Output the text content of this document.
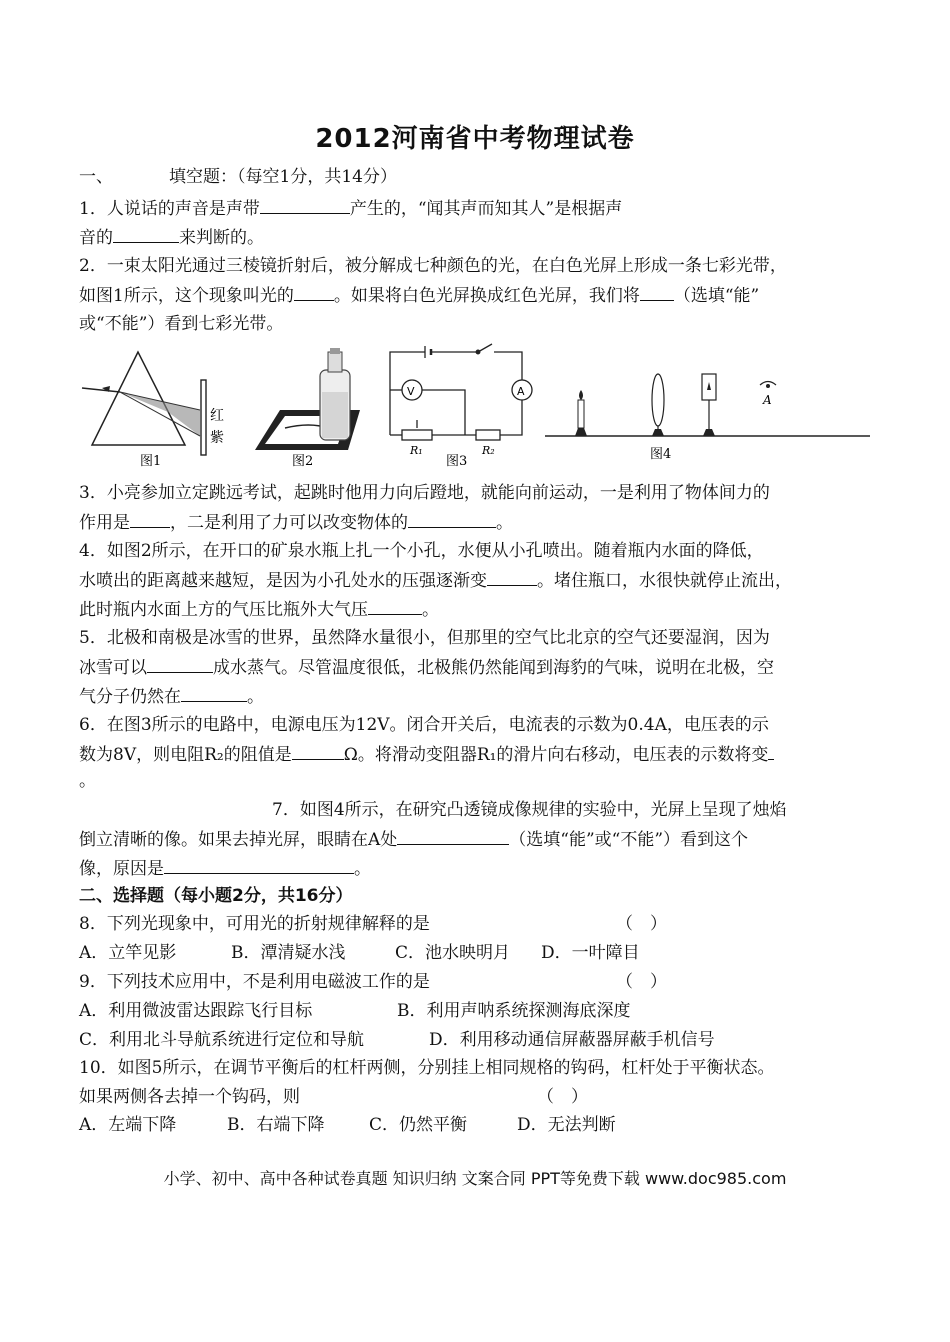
2012河南省中考物理试卷
一、	填空题：（每空1分，共14分）
1．人说话的声音是声带	产生的，“闻其声而知其人”是根据声
音的	来判断的。
2．一束太阳光通过三棱镜折射后，被分解成七种颜色的光，在白色光屏上形成一条七彩光带，
如图1所示，这个现象叫光的 。如果将白色光屏换成红色光屏，我们将 （选填“能”
或“不能”）看到七彩光带。
红
紫
图1	图2
V	A
R₁	R₂
图3
A
图4
3．小亮参加立定跳远考试，起跳时他用力向后蹬地，就能向前运动，一是利用了物体间力的
作用是 ，二是利用了力可以改变物体的	。
4．如图2所示，在开口的矿泉水瓶上扎一个小孔，水便从小孔喷出。随着瓶内水面的降低，
水喷出的距离越来越短，是因为小孔处水的压强逐渐变	。堵住瓶口，水很快就停止流出，
此时瓶内水面上方的气压比瓶外大气压	。
5．北极和南极是冰雪的世界，虽然降水量很小，但那里的空气比北京的空气还要湿润，因为
冰雪可以	成水蒸气。尽管温度很低，北极熊仍然能闻到海豹的气味，说明在北极，空
气分子仍然在	。
6．在图3所示的电路中，电源电压为12V。闭合开关后，电流表的示数为0.4A，电压表的示
数为8V，则电阻R₂的阻值是	Ω。将滑动变阻器R₁的滑片向右移动，电压表的示数将变
。
7．如图4所示，在研究凸透镜成像规律的实验中，光屏上呈现了烛焰
倒立清晰的像。如果去掉光屏，眼睛在A处	（选填“能”或“不能”）看到这个
像，原因是	。
二、选择题（每小题2分，共16分）
8．下列光现象中，可用光的折射规律解释的是	（　）
A．立竿见影	B．潭清疑水浅	C．池水映明月 D．一叶障目
9．下列技术应用中，不是利用电磁波工作的是	（　）
A．利用微波雷达跟踪飞行目标	B．利用声呐系统探测海底深度
C．利用北斗导航系统进行定位和导航	D．利用移动通信屏蔽器屏蔽手机信号
10．如图5所示，在调节平衡后的杠杆两侧，分别挂上相同规格的钩码，杠杆处于平衡状态。
如果两侧各去掉一个钩码，则	（　）
A．左端下降	B．右端下降	C．仍然平衡	D．无法判断
小学、初中、高中各种试卷真题 知识归纳 文案合同 PPT等免费下载 www.doc985.com
